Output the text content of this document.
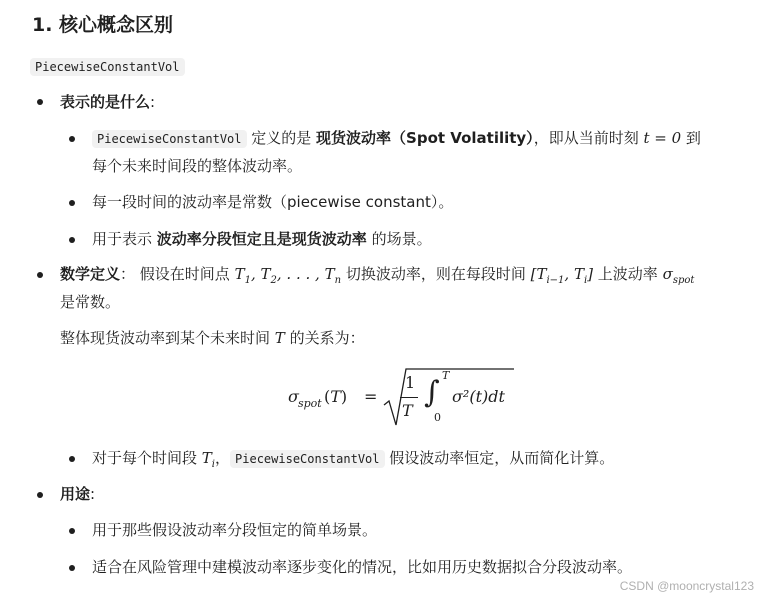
1. 核心概念区别
PiecewiseConstantVol
表示的是什么:
PiecewiseConstantVol 定义的是 现货波动率（Spot Volatility），即从当前时刻 t = 0 到
每个未来时间段的整体波动率。
每一段时间的波动率是常数（piecewise constant）。
用于表示 波动率分段恒定且是现货波动率 的场景。
数学定义： 假设在时间点 $T_1$, $T_2$, . . . , $T_n$ 切换波动率，则在每段时间 [$T_{i-1}$, $T_i$] 上波动率 $\sigma_{spot}$
是常数。
整体现货波动率到某个未来时间 T 的关系为：
σ spot (T) =
1
T
∫ T
0
σ²(t)dt
对于每个时间段 $T_i$， PiecewiseConstantVol 假设波动率恒定，从而简化计算。
用途:
用于那些假设波动率分段恒定的简单场景。
适合在风险管理中建模波动率逐步变化的情况，比如用历史数据拟合分段波动率。
CSDN @mooncrystal123
